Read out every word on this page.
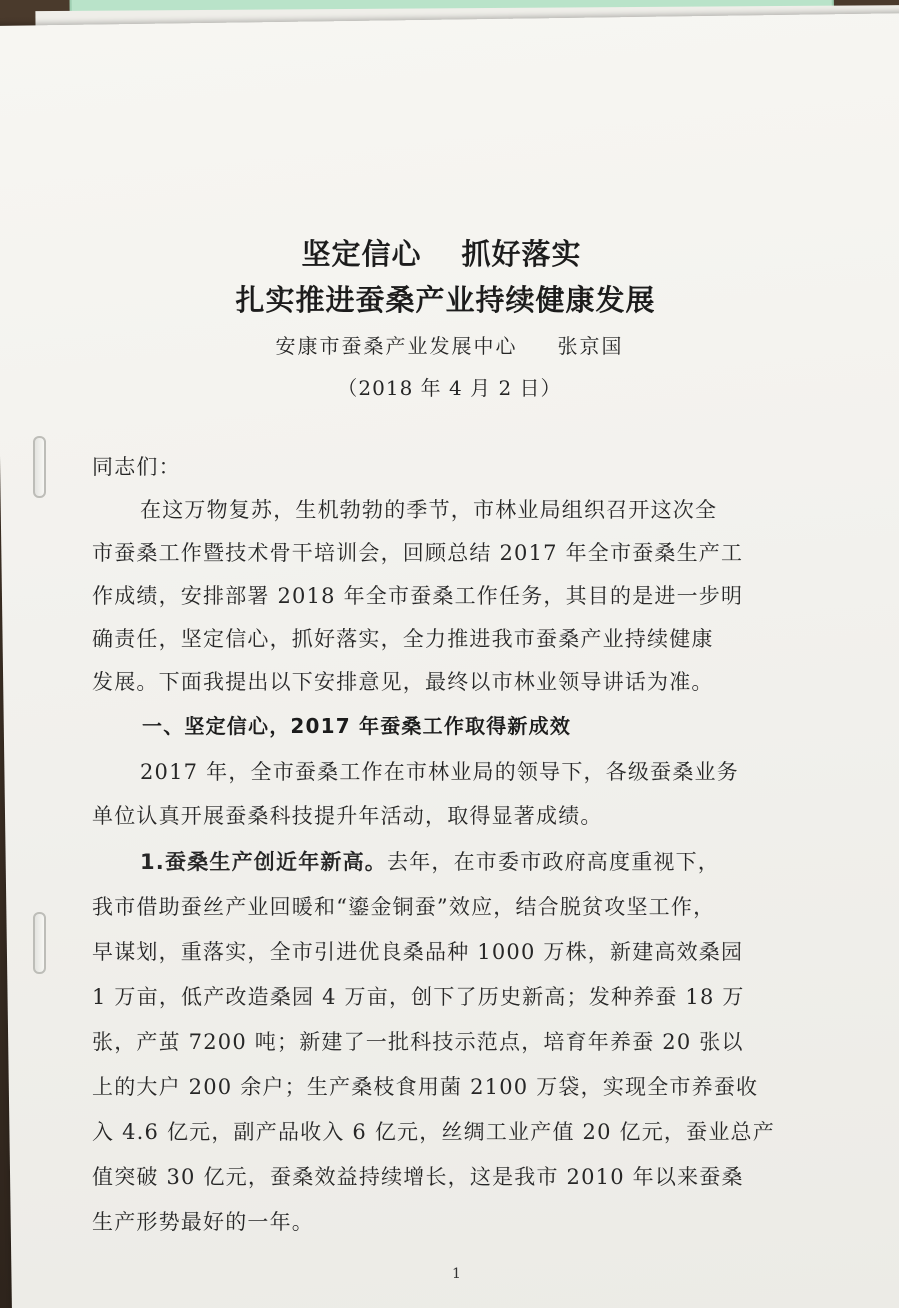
坚定信心 抓好落实
扎实推进蚕桑产业持续健康发展
安康市蚕桑产业发展中心 张京国
（2018 年 4 月 2 日）
同志们：
在这万物复苏，生机勃勃的季节，市林业局组织召开这次全
市蚕桑工作暨技术骨干培训会，回顾总结 2017 年全市蚕桑生产工
作成绩，安排部署 2018 年全市蚕桑工作任务，其目的是进一步明
确责任，坚定信心，抓好落实，全力推进我市蚕桑产业持续健康
发展。下面我提出以下安排意见，最终以市林业领导讲话为准。
一、坚定信心，2017 年蚕桑工作取得新成效
2017 年，全市蚕桑工作在市林业局的领导下，各级蚕桑业务
单位认真开展蚕桑科技提升年活动，取得显著成绩。
1.蚕桑生产创近年新高。去年，在市委市政府高度重视下，
我市借助蚕丝产业回暖和“鎏金铜蚕”效应，结合脱贫攻坚工作，
早谋划，重落实，全市引进优良桑品种 1000 万株，新建高效桑园
1 万亩，低产改造桑园 4 万亩，创下了历史新高；发种养蚕 18 万
张，产茧 7200 吨；新建了一批科技示范点，培育年养蚕 20 张以
上的大户 200 余户；生产桑枝食用菌 2100 万袋，实现全市养蚕收
入 4.6 亿元，副产品收入 6 亿元，丝绸工业产值 20 亿元，蚕业总产
值突破 30 亿元，蚕桑效益持续增长，这是我市 2010 年以来蚕桑
生产形势最好的一年。
1
